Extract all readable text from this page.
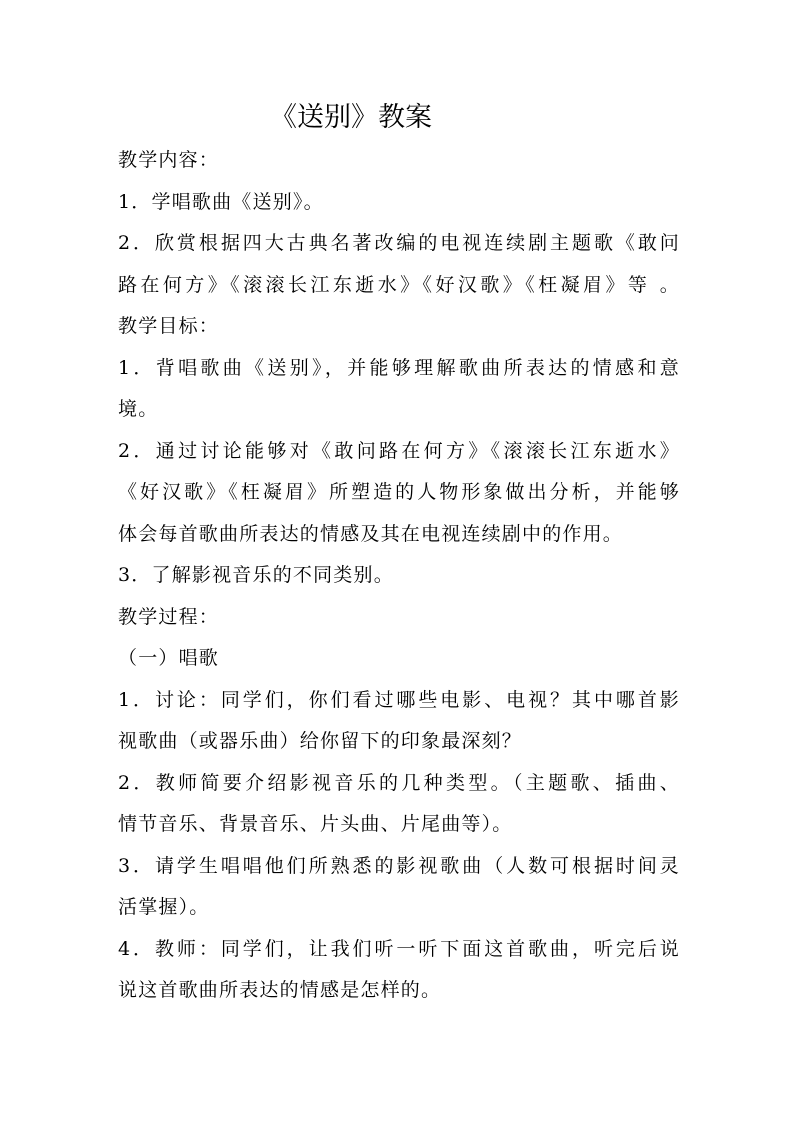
《送别》教案

教学内容：

1．学唱歌曲《送别》。

2．欣赏根据四大古典名著改编的电视连续剧主题歌《敢问

路在何方》《滚滚长江东逝水》《好汉歌》《枉凝眉》等 。

教学目标：

1．背唱歌曲《送别》，并能够理解歌曲所表达的情感和意

境。

2．通过讨论能够对《敢问路在何方》《滚滚长江东逝水》

《好汉歌》《枉凝眉》所塑造的人物形象做出分析，并能够

体会每首歌曲所表达的情感及其在电视连续剧中的作用。

3．了解影视音乐的不同类别。

教学过程：

（一）唱歌

1．讨论：同学们，你们看过哪些电影、电视？其中哪首影

视歌曲（或器乐曲）给你留下的印象最深刻？

2．教师简要介绍影视音乐的几种类型。（主题歌、插曲、

情节音乐、背景音乐、片头曲、片尾曲等）。

3．请学生唱唱他们所熟悉的影视歌曲（人数可根据时间灵

活掌握）。

4．教师：同学们，让我们听一听下面这首歌曲，听完后说

说这首歌曲所表达的情感是怎样的。
